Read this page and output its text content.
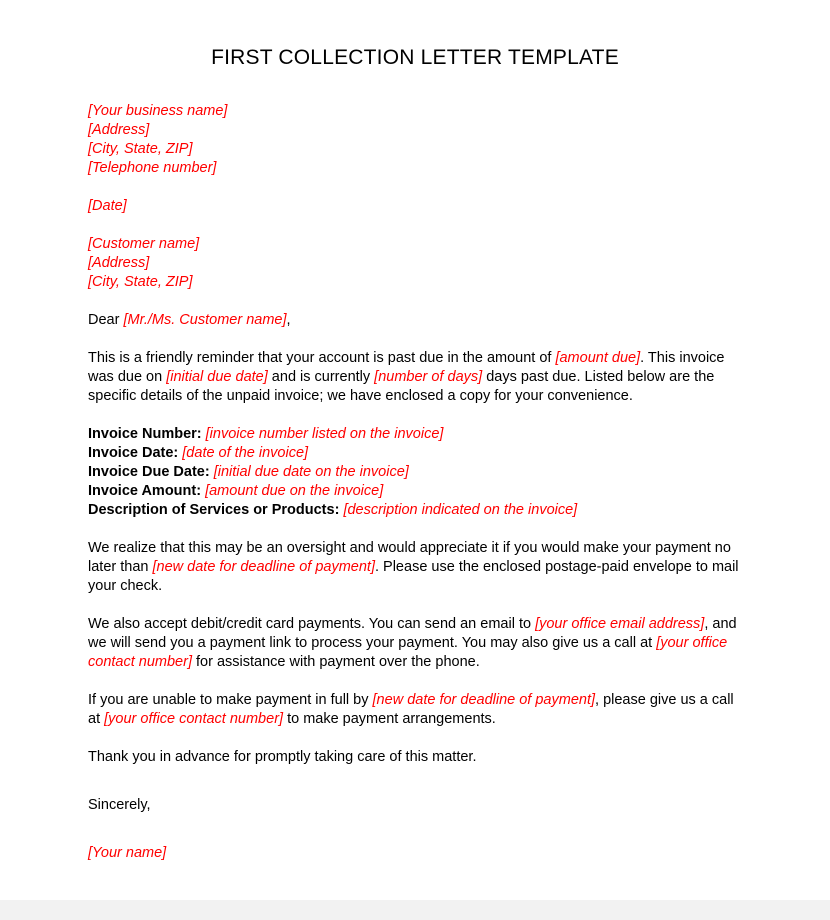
FIRST COLLECTION LETTER TEMPLATE
[Your business name]
[Address]
[City, State, ZIP]
[Telephone number]
[Date]
[Customer name]
[Address]
[City, State, ZIP]
Dear [Mr./Ms. Customer name],

This is a friendly reminder that your account is past due in the amount of [amount due]. This invoice was due on [initial due date] and is currently [number of days] days past due. Listed below are the specific details of the unpaid invoice; we have enclosed a copy for your convenience.

Invoice Number: [invoice number listed on the invoice]
Invoice Date: [date of the invoice]
Invoice Due Date: [initial due date on the invoice]
Invoice Amount: [amount due on the invoice]
Description of Services or Products: [description indicated on the invoice]

We realize that this may be an oversight and would appreciate it if you would make your payment no later than [new date for deadline of payment]. Please use the enclosed postage-paid envelope to mail your check.

We also accept debit/credit card payments. You can send an email to [your office email address], and we will send you a payment link to process your payment. You may also give us a call at [your office contact number] for assistance with payment over the phone.

If you are unable to make payment in full by [new date for deadline of payment], please give us a call at [your office contact number] to make payment arrangements.

Thank you in advance for promptly taking care of this matter.

Sincerely,
[Your name]
